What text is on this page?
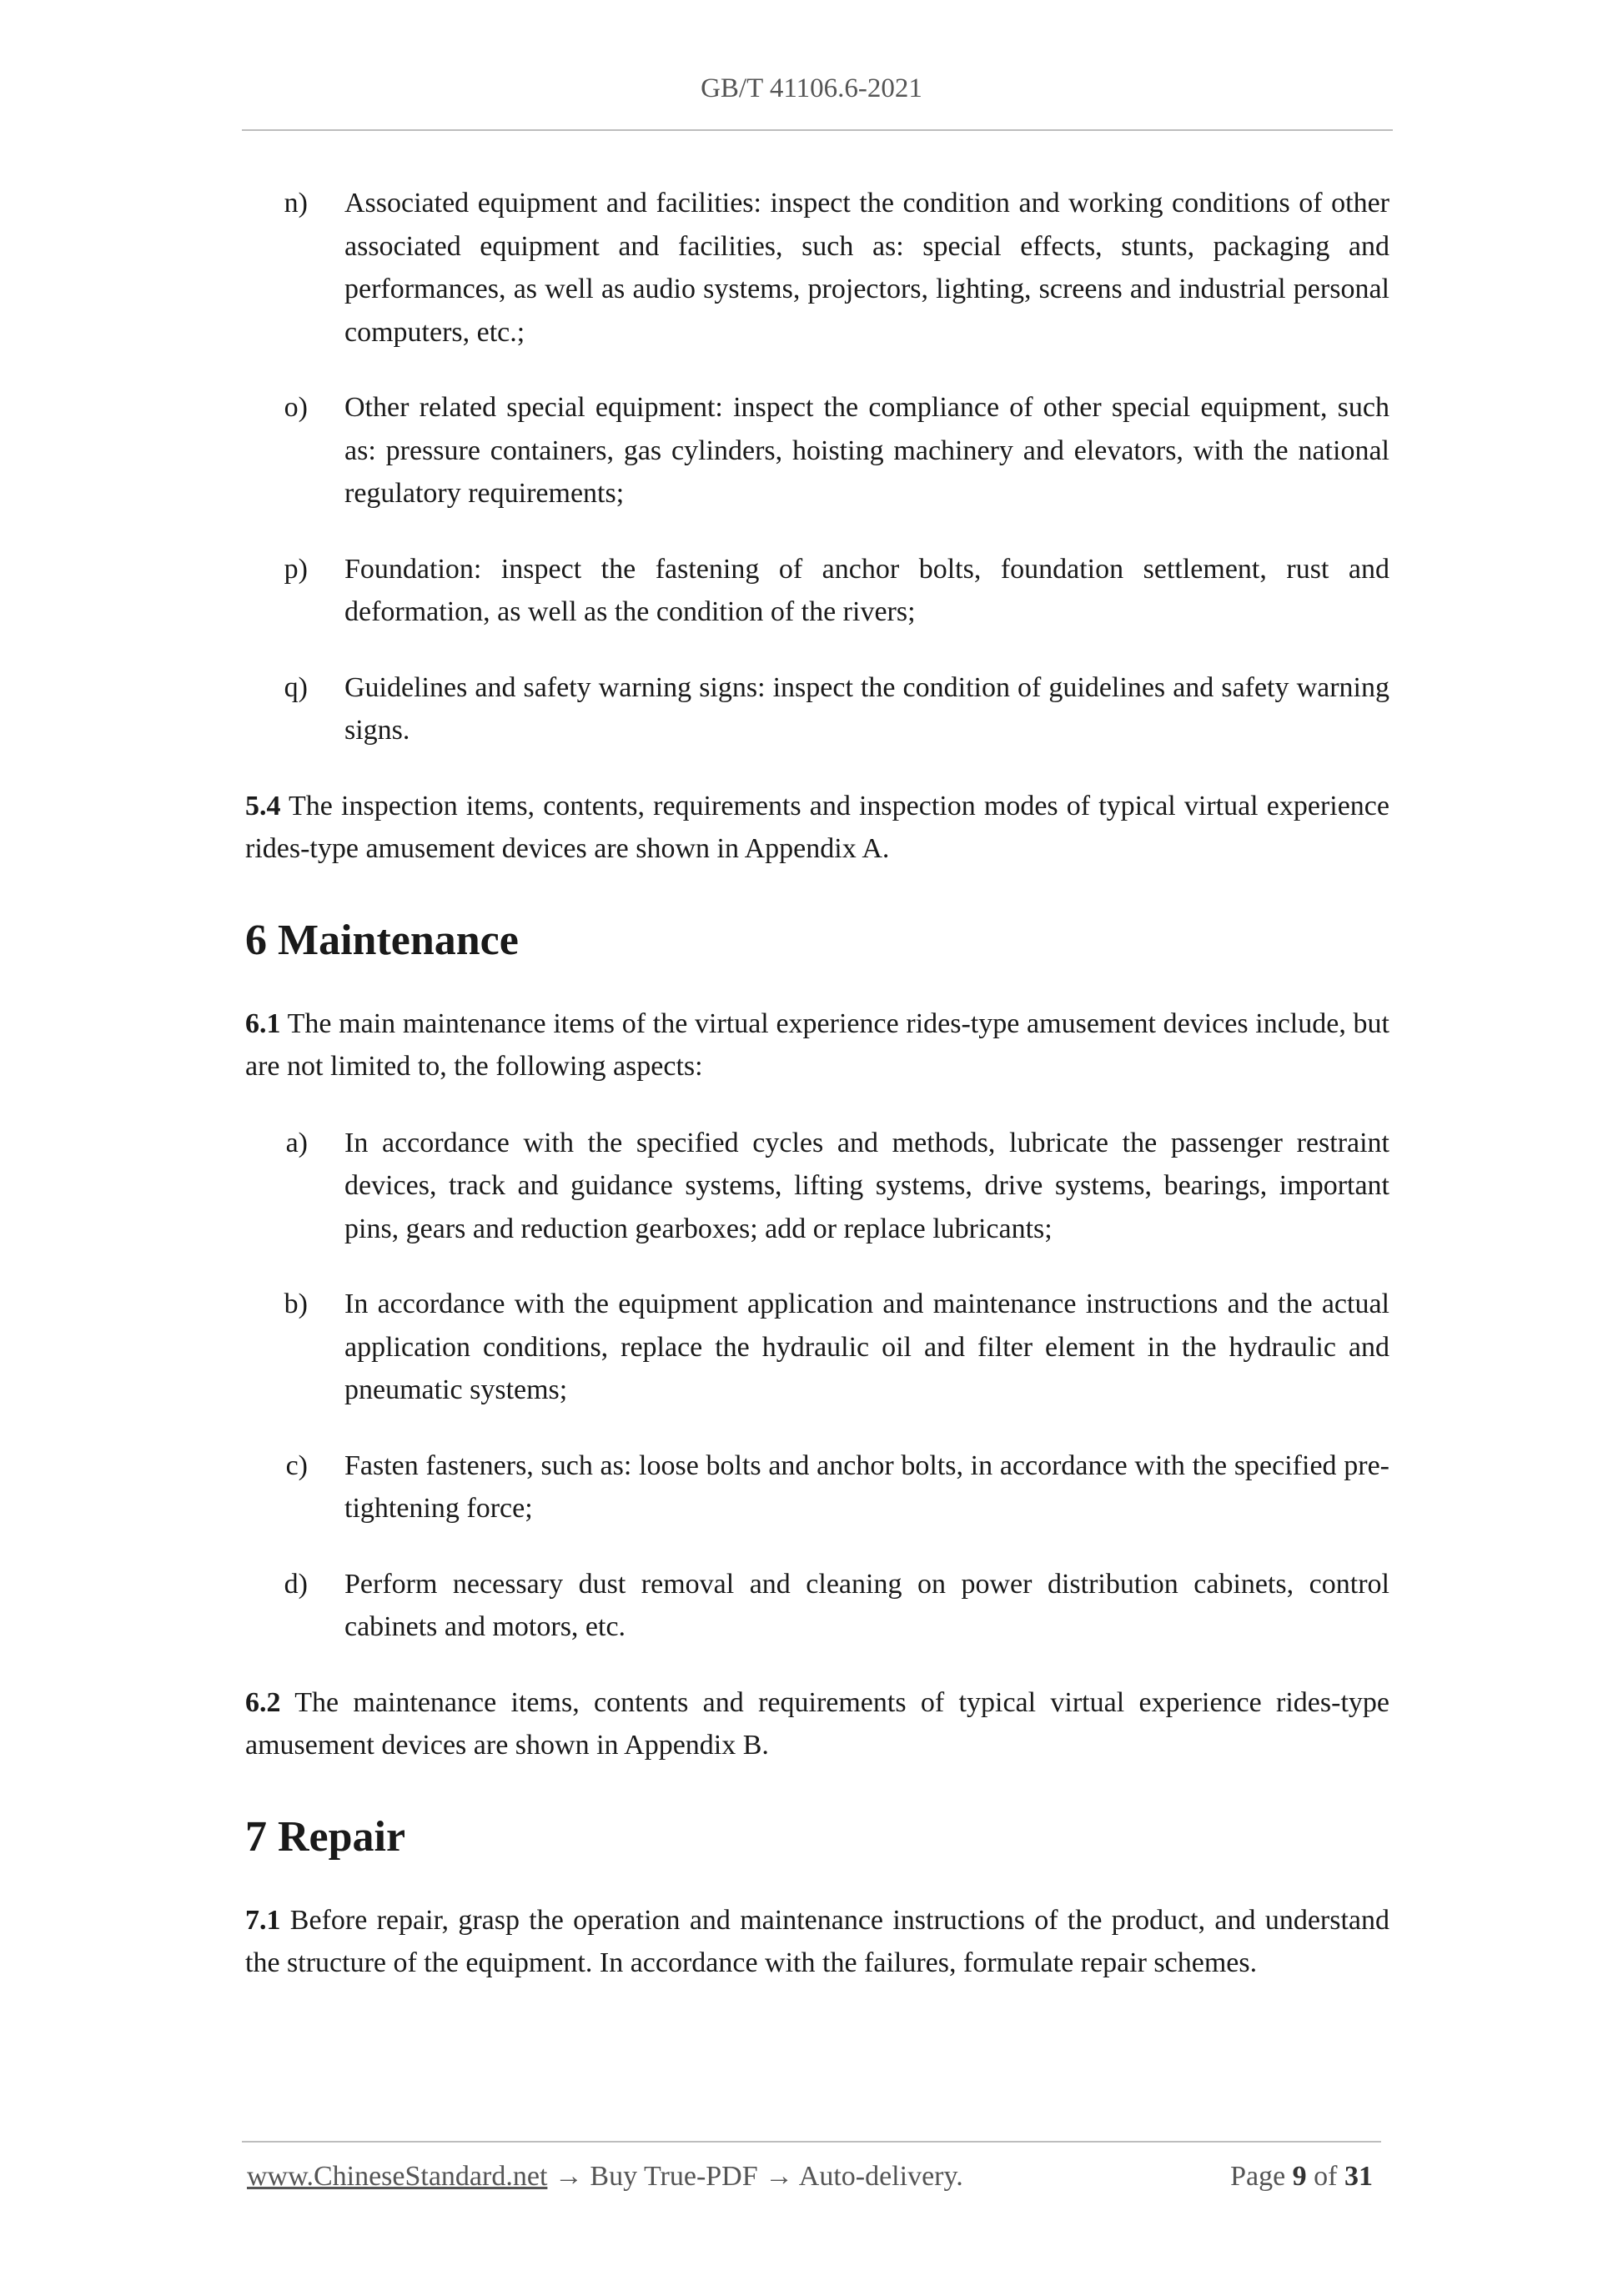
GB/T 41106.6-2021
n)	Associated equipment and facilities: inspect the condition and working conditions of other associated equipment and facilities, such as: special effects, stunts, packaging and performances, as well as audio systems, projectors, lighting, screens and industrial personal computers, etc.;
o)	Other related special equipment: inspect the compliance of other special equipment, such as: pressure containers, gas cylinders, hoisting machinery and elevators, with the national regulatory requirements;
p)	Foundation: inspect the fastening of anchor bolts, foundation settlement, rust and deformation, as well as the condition of the rivers;
q)	Guidelines and safety warning signs: inspect the condition of guidelines and safety warning signs.

5.4 The inspection items, contents, requirements and inspection modes of typical virtual experience rides-type amusement devices are shown in Appendix A.

6 Maintenance

6.1 The main maintenance items of the virtual experience rides-type amusement devices include, but are not limited to, the following aspects:

a)	In accordance with the specified cycles and methods, lubricate the passenger restraint devices, track and guidance systems, lifting systems, drive systems, bearings, important pins, gears and reduction gearboxes; add or replace lubricants;
b)	In accordance with the equipment application and maintenance instructions and the actual application conditions, replace the hydraulic oil and filter element in the hydraulic and pneumatic systems;
c)	Fasten fasteners, such as: loose bolts and anchor bolts, in accordance with the specified pre-tightening force;
d)	Perform necessary dust removal and cleaning on power distribution cabinets, control cabinets and motors, etc.

6.2 The maintenance items, contents and requirements of typical virtual experience rides-type amusement devices are shown in Appendix B.

7 Repair

7.1 Before repair, grasp the operation and maintenance instructions of the product, and understand the structure of the equipment. In accordance with the failures, formulate repair schemes.

www.ChineseStandard.net → Buy True-PDF → Auto-delivery.	Page 9 of 31
